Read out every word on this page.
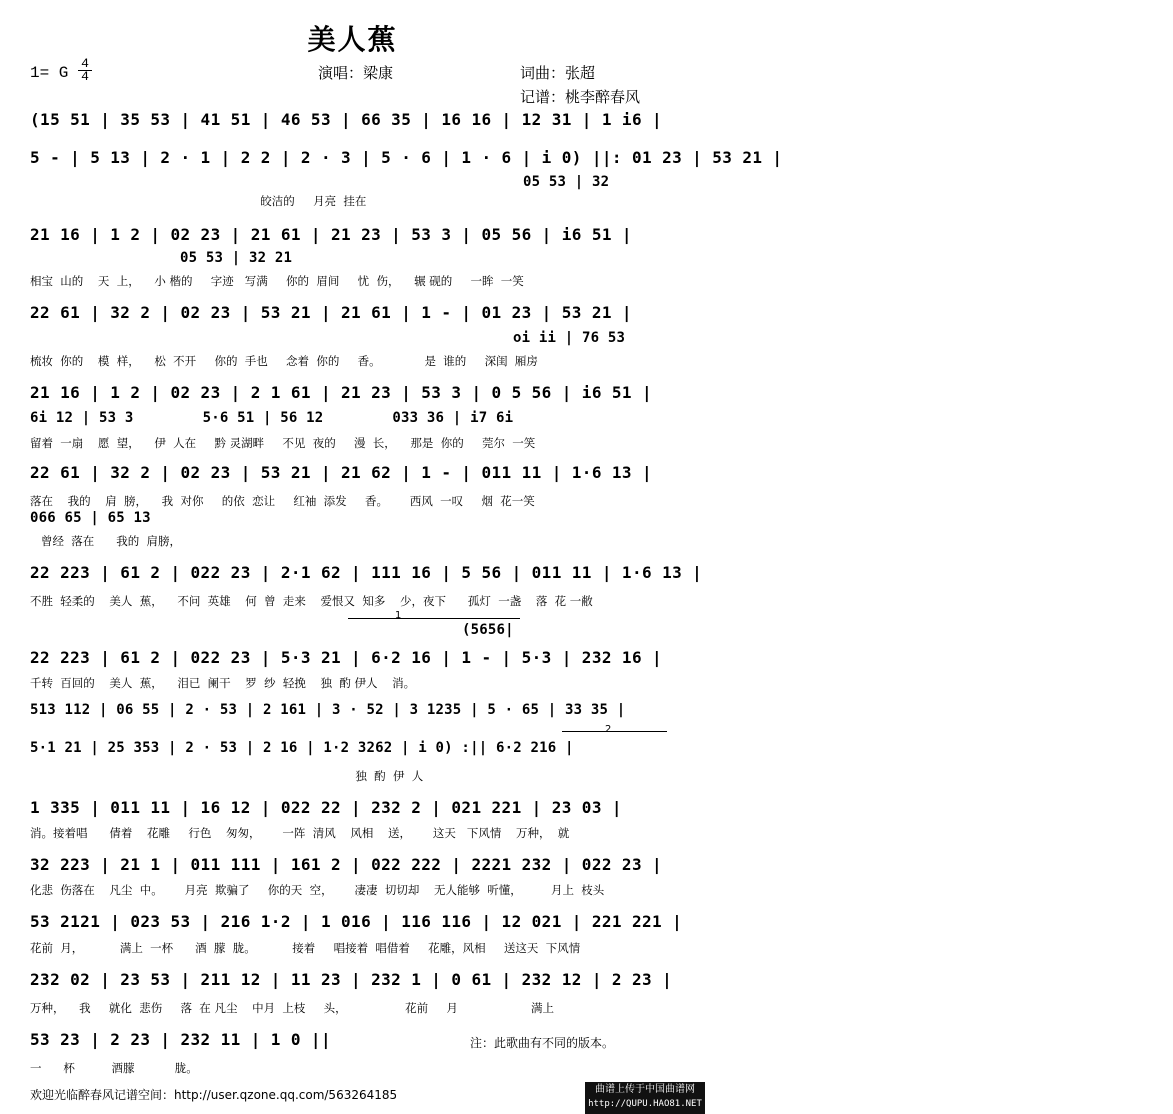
美人蕉
1= G
4
4	演唱：梁康	词曲：张超
记谱：桃李醉春风
(15 51 | 35 53 | 41 51 | 46 53 | 66 35 | 16 16 | 12 31 | 1 i6 |
5 - | 5 13 | 2 · 1 | 2 2 | 2 · 3 | 5 · 6 | 1 · 6 | i 0) ||: 01 23 | 53 21 |
05 53 | 32
21 16 | 1 2 | 02 23 | 21 61 | 21 23 | 53 3 | 05 56 | i6 51 |
05 53 | 32 21
22 61 | 32 2 | 02 23 | 53 21 | 21 61 | 1 - | 01 23 | 53 21 |
oi ii | 76 53
21 16 | 1 2 | 02 23 | 2 1 61 | 21 23 | 53 3 | 0 5 56 | i6 51 |
6i 12 | 53 3        5·6 51 | 56 12        033 36 | i7 6i
22 61 | 32 2 | 02 23 | 53 21 | 21 62 | 1 - | 011 11 | 1·6 13 |
066 65 | 65 13
22 223 | 61 2 | 022 23 | 2·1 62 | 111 16 | 5 56 | 011 11 | 1·6 13 |
(5656|
22 223 | 61 2 | 022 23 | 5·3 21 | 6·2 16 | 1 - | 5·3 | 232 16 |
513 112 | 06 55 | 2 · 53 | 2 161 | 3 · 52 | 3 1235 | 5 · 65 | 33 35 |
5·1 21 | 25 353 | 2 · 53 | 2 16 | 1·2 3262 | i 0) :|| 6·2 216 |
1 335 | 011 11 | 16 12 | 022 22 | 232 2 | 021 221 | 23 03 |
32 223 | 21 1 | 011 111 | 161 2 | 022 222 | 2221 232 | 022 23 |
53 2121 | 023 53 | 216 1·2 | 1 016 | 116 116 | 12 021 | 221 221 |
232 02 | 23 53 | 211 12 | 11 23 | 232 1 | 0 61 | 232 12 | 2 23 |
53 23 | 2 23 | 232 11 | 1 0 ||
皎洁的     月亮  挂在
相宝  山的    天  上，    小 楷的     字迹   写满     你的  眉间     忧  伤，    辗 砚的     一眸  一笑
梳妆  你的    模  样，    松  不开     你的  手也     念着  你的     香。            是  谁的     深闺  厢房
留着  一扇    愿  望，    伊  人在     黔 灵湖畔     不见  夜的     漫  长，    那是  你的     莞尔  一笑
落在    我的    肩  膀，    我  对你     的依  恋让     红袖  添发     香。      西风  一叹     烟  花一笑
曾经  落在      我的  肩膀，
不胜  轻柔的    美人  蕉，    不问  英雄    何  曾  走来    爱恨又  知多    少，夜下      孤灯  一盏    落  花 一敝
千转  百回的    美人  蕉，    泪已  阑干    罗  纱  轻挽    独  酌 伊人    消。
独  酌  伊  人
消。接着唱      倩着    花雕     行色    匆匆，      一阵  清风    风相    送，      这天   下风情    万种，  就
化悲  伤落在    凡尘  中。      月亮  欺骗了     你的天  空，      凄凄  切切却    无人能够  听懂，        月上  枝头
花前  月，          满上  一杯      酒  朦  胧。          接着     唱接着  唱借着     花雕，风相     送这天  下风情
万种，    我     就化  悲伤     落  在 凡尘    中月  上枝     头，                花前     月                    满上
一      杯          酒朦           胧。
1
2
注：此歌曲有不同的版本。
欢迎光临醉春风记谱空间：http://user.qzone.qq.com/563264185	曲谱上传于中国曲谱网
http://QUPU.HAO81.NET
